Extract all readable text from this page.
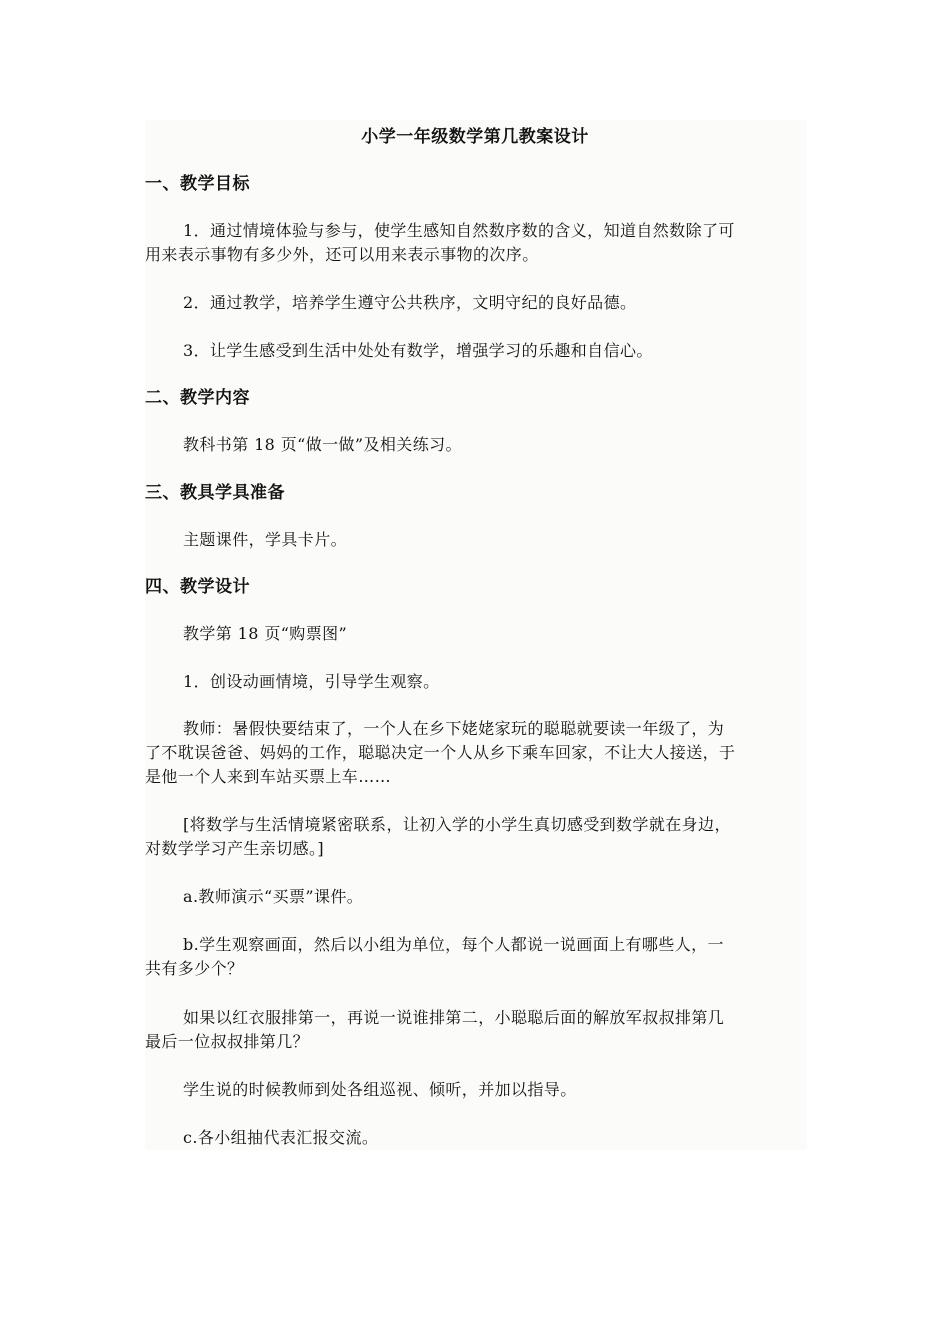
小学一年级数学第几教案设计
一、教学目标
1．通过情境体验与参与，使学生感知自然数序数的含义，知道自然数除了可
用来表示事物有多少外，还可以用来表示事物的次序。
2．通过教学，培养学生遵守公共秩序，文明守纪的良好品德。
3．让学生感受到生活中处处有数学，增强学习的乐趣和自信心。
二、教学内容
教科书第 18 页“做一做”及相关练习。
三、教具学具准备
主题课件，学具卡片。
四、教学设计
教学第 18 页“购票图”
1．创设动画情境，引导学生观察。
教师：暑假快要结束了，一个人在乡下姥姥家玩的聪聪就要读一年级了，为
了不耽误爸爸、妈妈的工作，聪聪决定一个人从乡下乘车回家，不让大人接送，于
是他一个人来到车站买票上车……
[将数学与生活情境紧密联系，让初入学的小学生真切感受到数学就在身边，
对数学学习产生亲切感。]
a.教师演示“买票”课件。
b.学生观察画面，然后以小组为单位，每个人都说一说画面上有哪些人，一
共有多少个？
如果以红衣服排第一，再说一说谁排第二，小聪聪后面的解放军叔叔排第几
最后一位叔叔排第几？
学生说的时候教师到处各组巡视、倾听，并加以指导。
c.各小组抽代表汇报交流。
